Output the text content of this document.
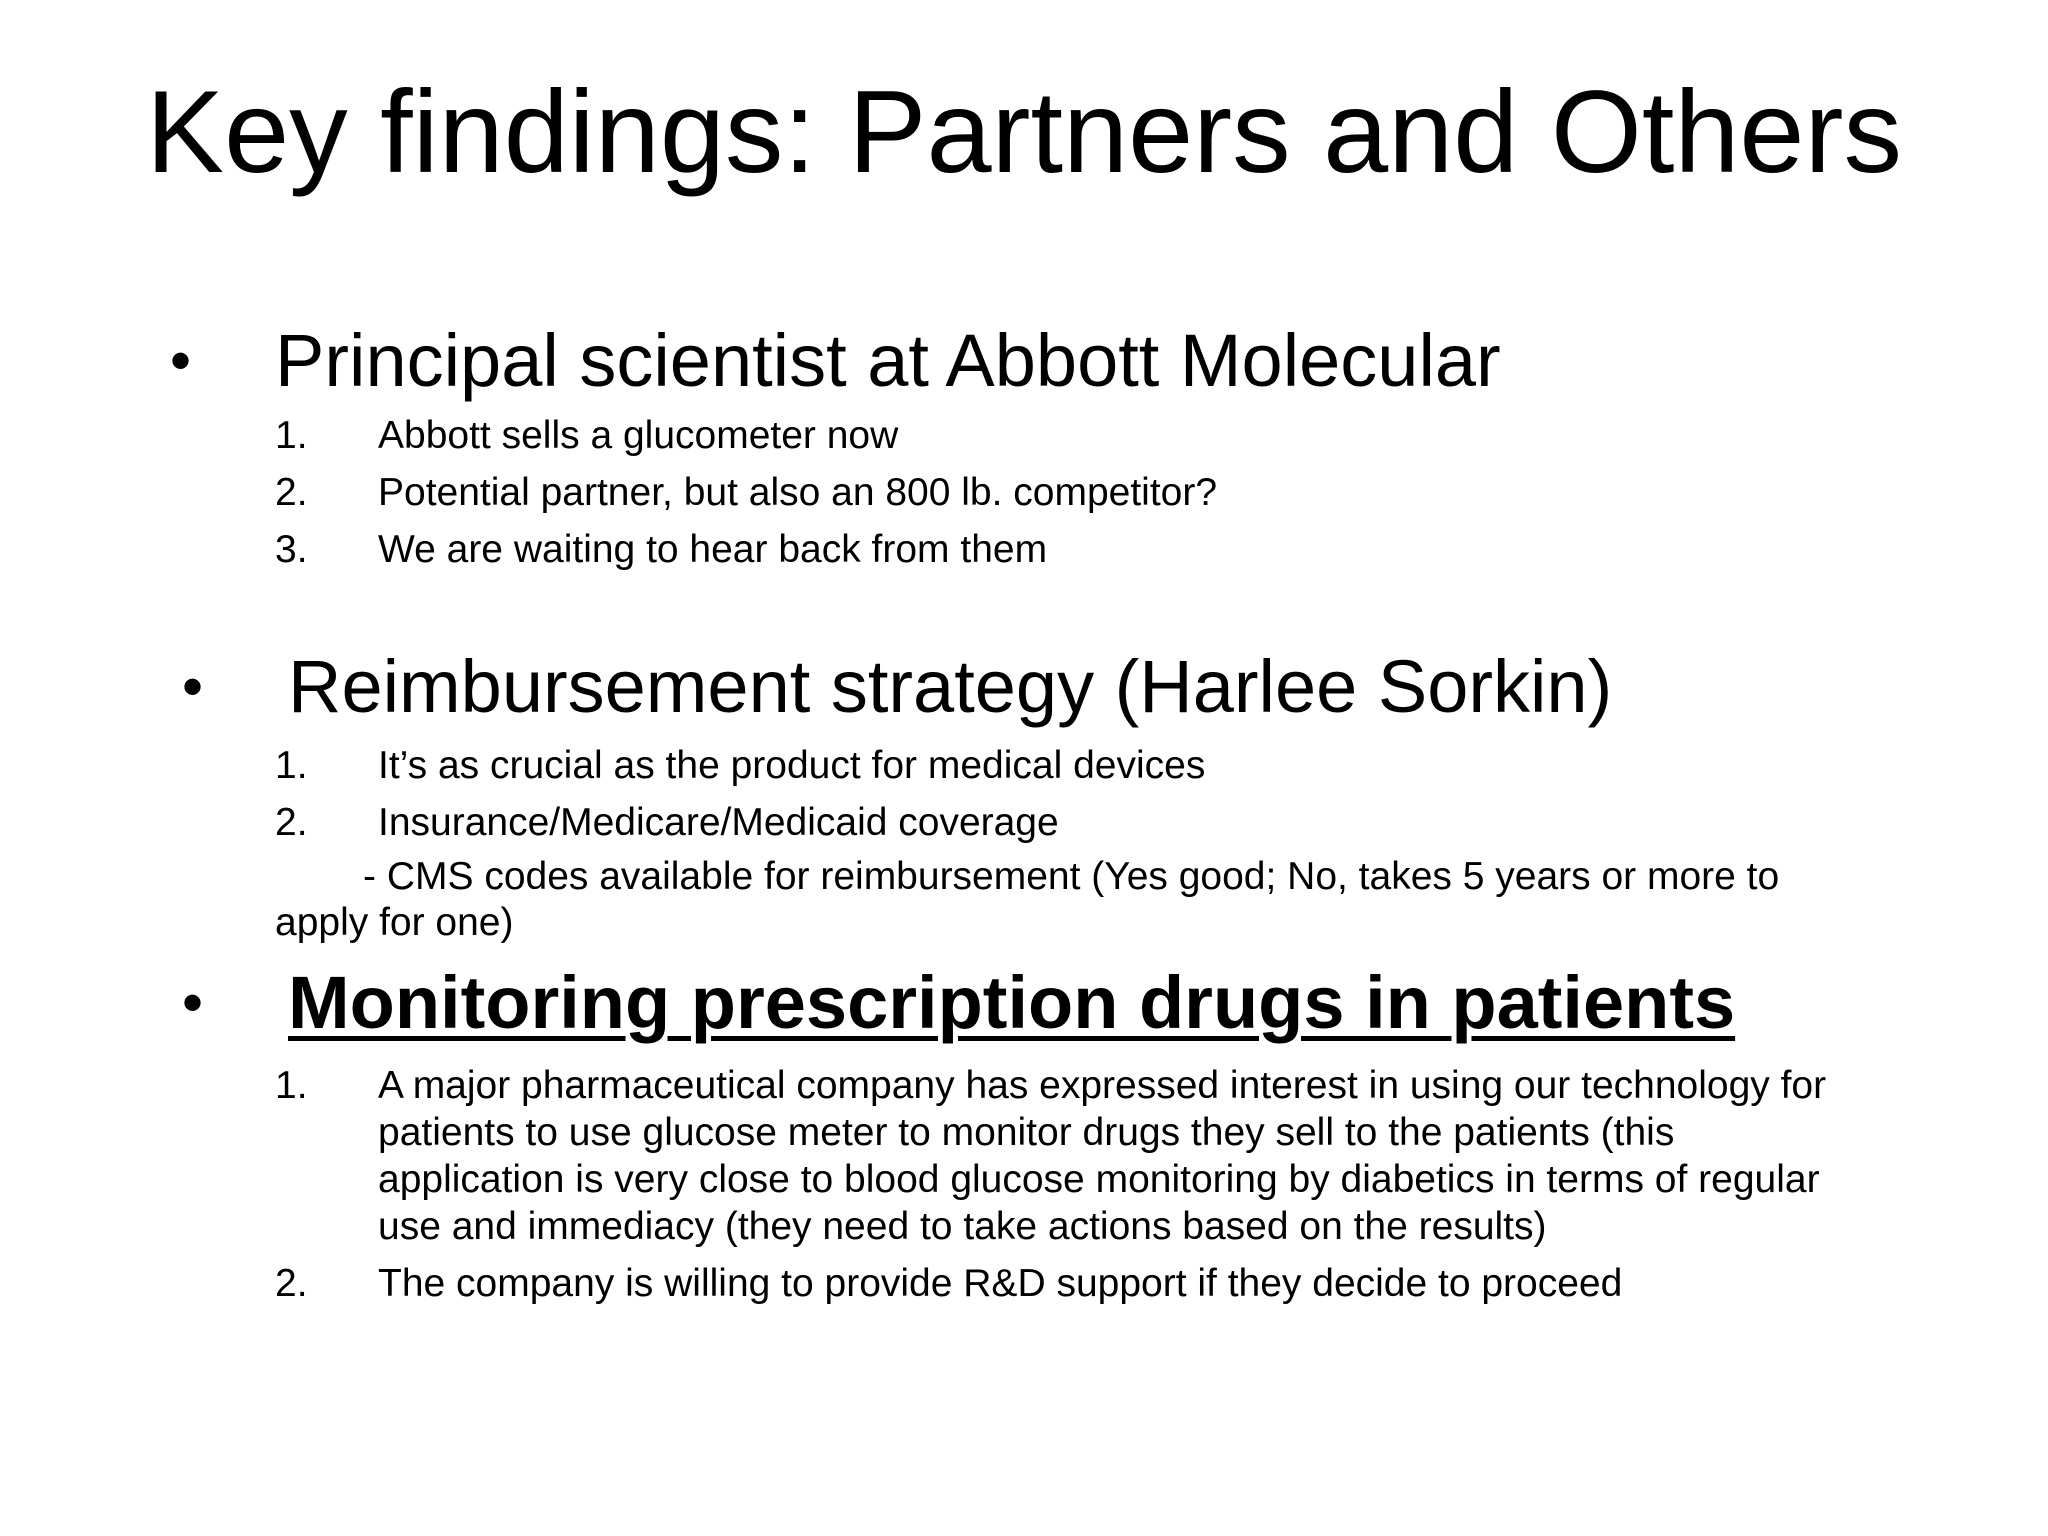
Key findings: Partners and Others
• Principal scientist at Abbott Molecular
1. Abbott sells a glucometer now
2. Potential partner, but also an 800 lb. competitor?
3. We are waiting to hear back from them
• Reimbursement strategy (Harlee Sorkin)
1. It’s as crucial as the product for medical devices
2. Insurance/Medicare/Medicaid coverage
- CMS codes available for reimbursement (Yes good; No, takes 5 years or more to apply for one)
• Monitoring prescription drugs in patients
1. A major pharmaceutical company has expressed interest in using our technology for patients to use glucose meter to monitor drugs they sell to the patients (this application is very close to blood glucose monitoring by diabetics in terms of regular use and immediacy (they need to take actions based on the results)
2. The company is willing to provide R&D support if they decide to proceed
